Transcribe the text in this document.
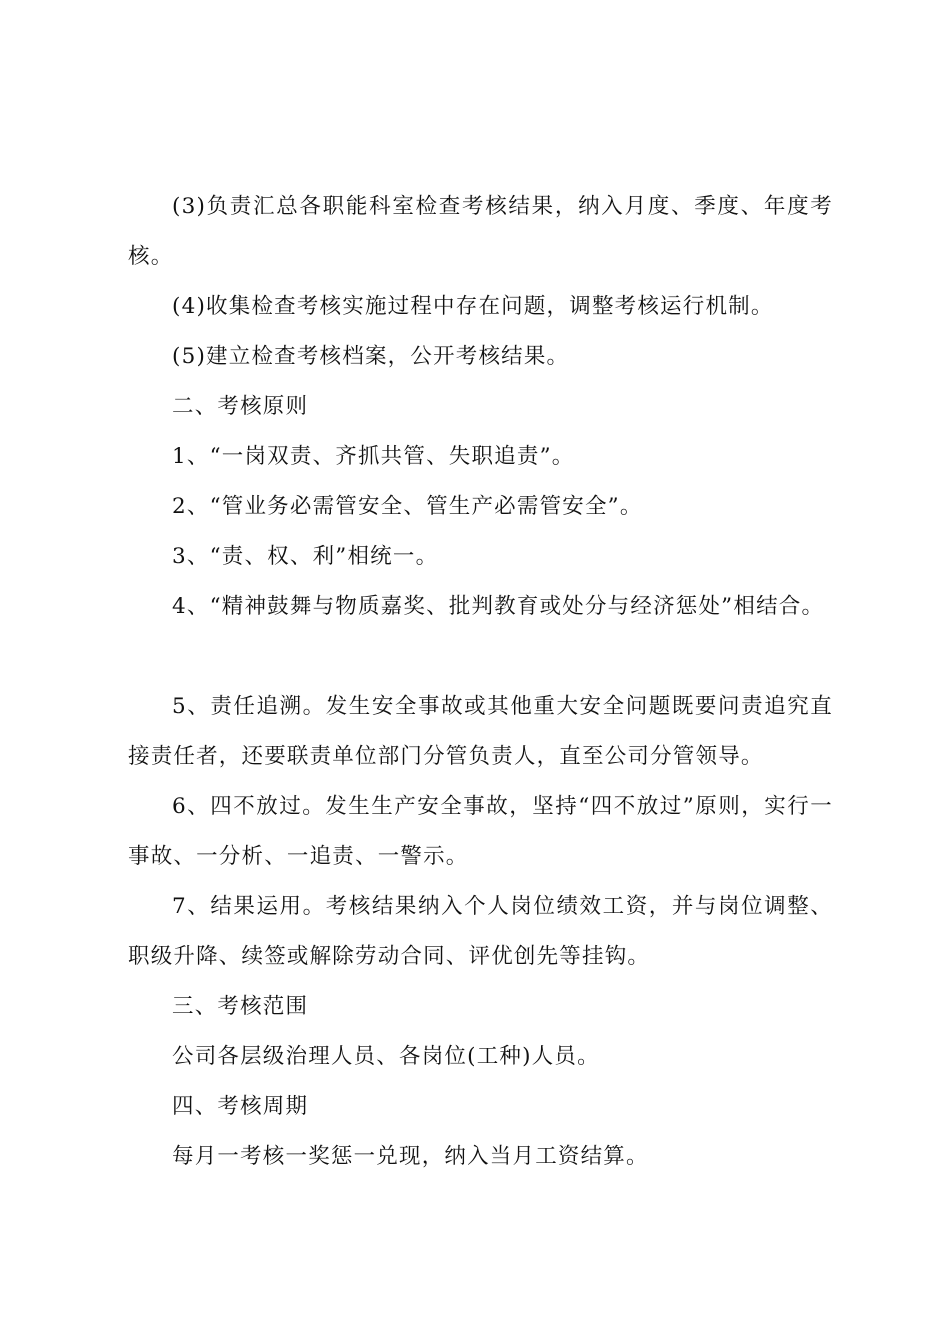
(3)负责汇总各职能科室检查考核结果，纳入月度、季度、年度考核。

(4)收集检查考核实施过程中存在问题，调整考核运行机制。

(5)建立检查考核档案，公开考核结果。

二、考核原则

1、“一岗双责、齐抓共管、失职追责”。

2、“管业务必需管安全、管生产必需管安全”。

3、“责、权、利”相统一。

4、“精神鼓舞与物质嘉奖、批判教育或处分与经济惩处”相结合。

5、责任追溯。发生安全事故或其他重大安全问题既要问责追究直接责任者，还要联责单位部门分管负责人，直至公司分管领导。

6、四不放过。发生生产安全事故，坚持“四不放过”原则，实行一事故、一分析、一追责、一警示。

7、结果运用。考核结果纳入个人岗位绩效工资，并与岗位调整、职级升降、续签或解除劳动合同、评优创先等挂钩。

三、考核范围

公司各层级治理人员、各岗位(工种)人员。

四、考核周期

每月一考核一奖惩一兑现，纳入当月工资结算。
